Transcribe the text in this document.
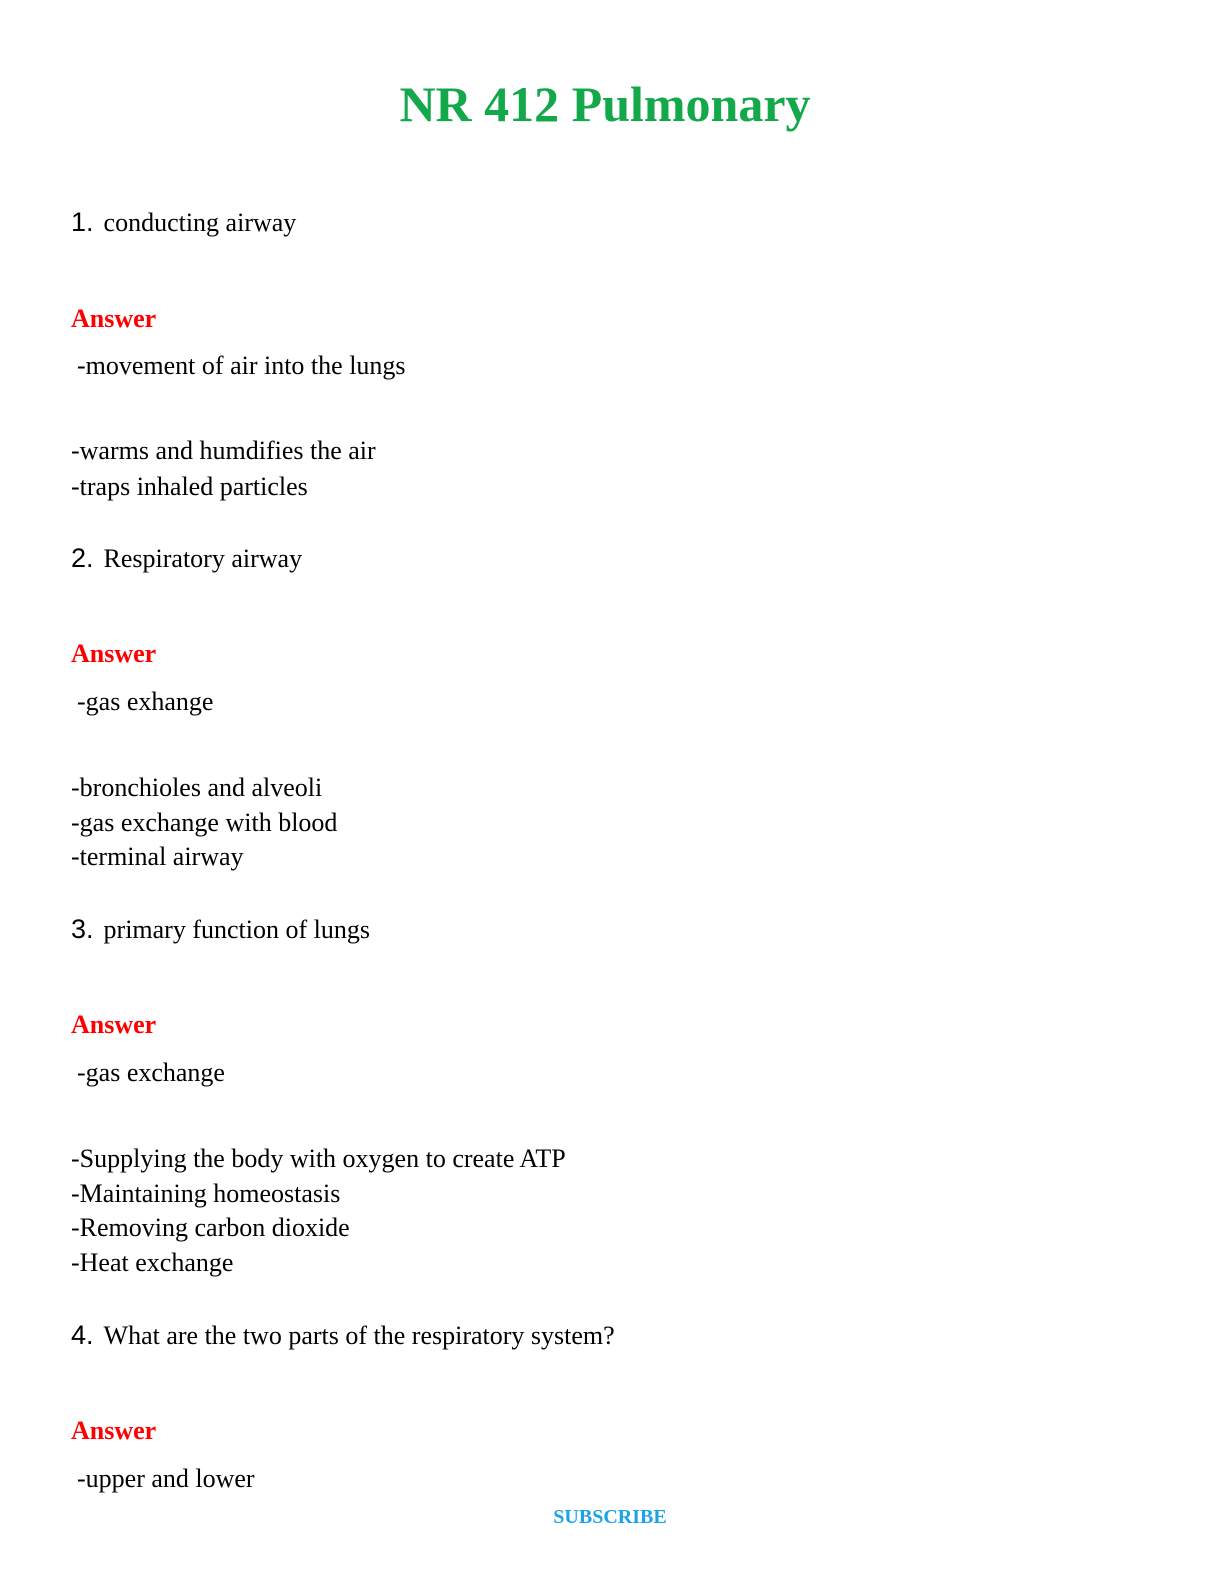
NR 412 Pulmonary
1. conducting airway
Answer
-movement of air into the lungs
-warms and humdifies the air
-traps inhaled particles
2. Respiratory airway
Answer
-gas exhange
-bronchioles and alveoli
-gas exchange with blood
-terminal airway
3. primary function of lungs
Answer
-gas exchange
-Supplying the body with oxygen to create ATP
-Maintaining homeostasis
-Removing carbon dioxide
-Heat exchange
4. What are the two parts of the respiratory system?
Answer
-upper and lower
SUBSCRIBE
